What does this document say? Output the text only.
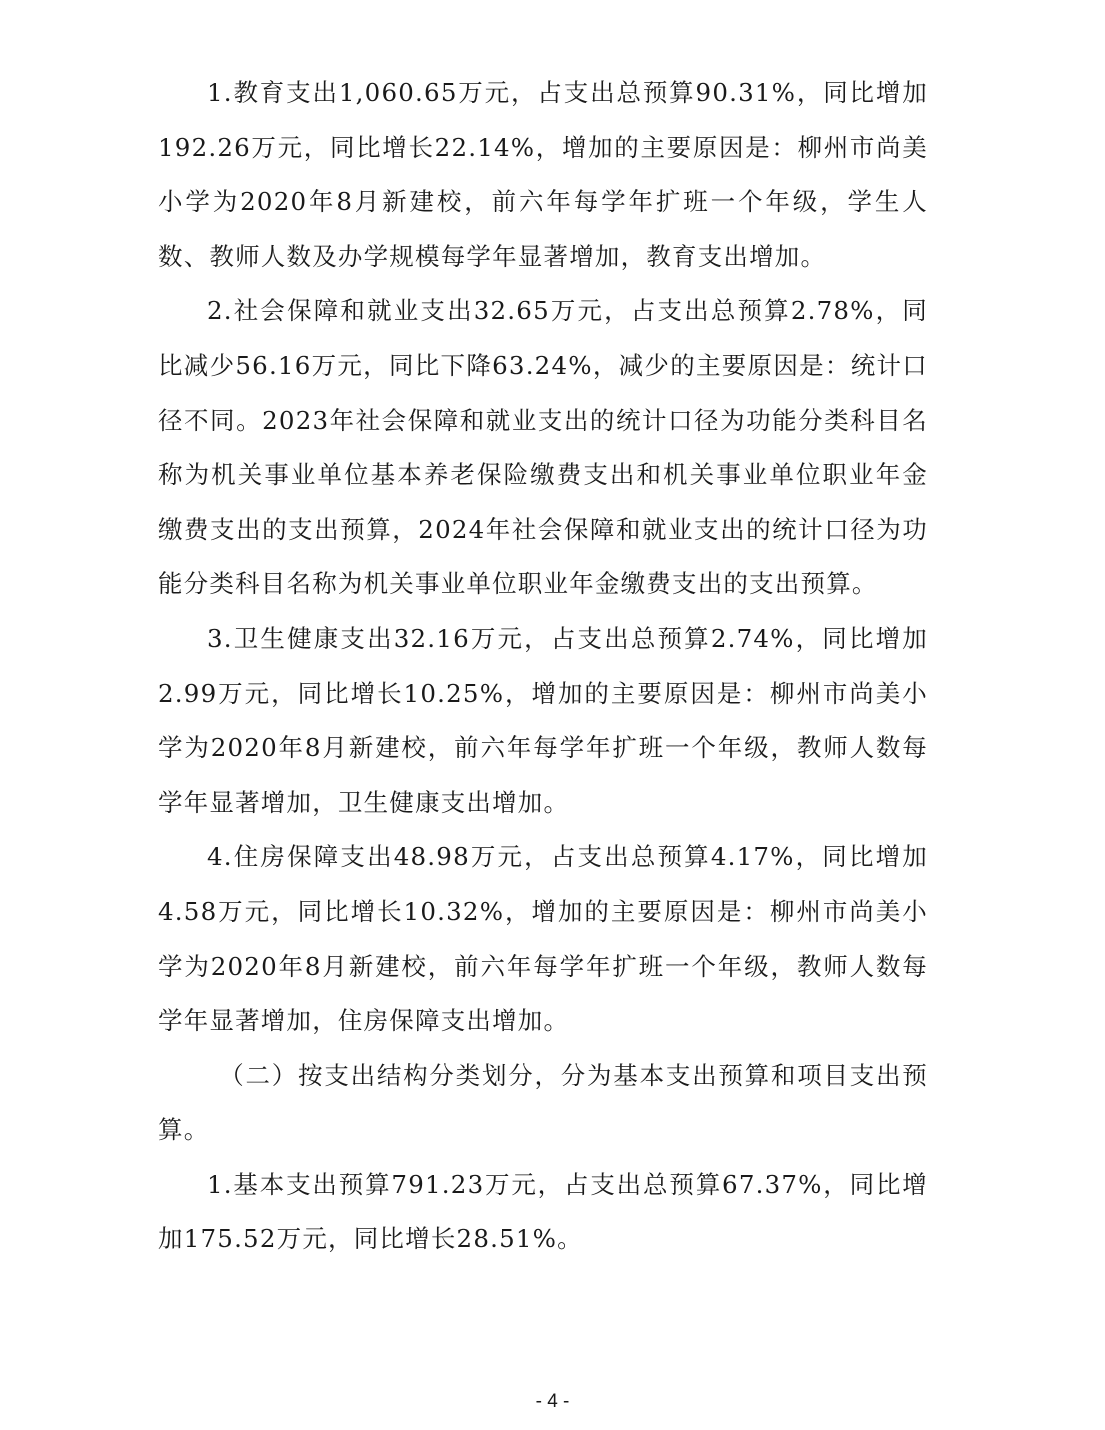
1.教育支出1,060.65万元，占支出总预算90.31%，同比增加192.26万元，同比增长22.14%，增加的主要原因是：柳州市尚美小学为2020年8月新建校，前六年每学年扩班一个年级，学生人数、教师人数及办学规模每学年显著增加，教育支出增加。

2.社会保障和就业支出32.65万元，占支出总预算2.78%，同比减少56.16万元，同比下降63.24%，减少的主要原因是：统计口径不同。2023年社会保障和就业支出的统计口径为功能分类科目名称为机关事业单位基本养老保险缴费支出和机关事业单位职业年金缴费支出的支出预算，2024年社会保障和就业支出的统计口径为功能分类科目名称为机关事业单位职业年金缴费支出的支出预算。

3.卫生健康支出32.16万元，占支出总预算2.74%，同比增加2.99万元，同比增长10.25%，增加的主要原因是：柳州市尚美小学为2020年8月新建校，前六年每学年扩班一个年级，教师人数每学年显著增加，卫生健康支出增加。

4.住房保障支出48.98万元，占支出总预算4.17%，同比增加4.58万元，同比增长10.32%，增加的主要原因是：柳州市尚美小学为2020年8月新建校，前六年每学年扩班一个年级，教师人数每学年显著增加，住房保障支出增加。

（二）按支出结构分类划分，分为基本支出预算和项目支出预算。

1.基本支出预算791.23万元，占支出总预算67.37%，同比增加175.52万元，同比增长28.51%。

- 4 -
